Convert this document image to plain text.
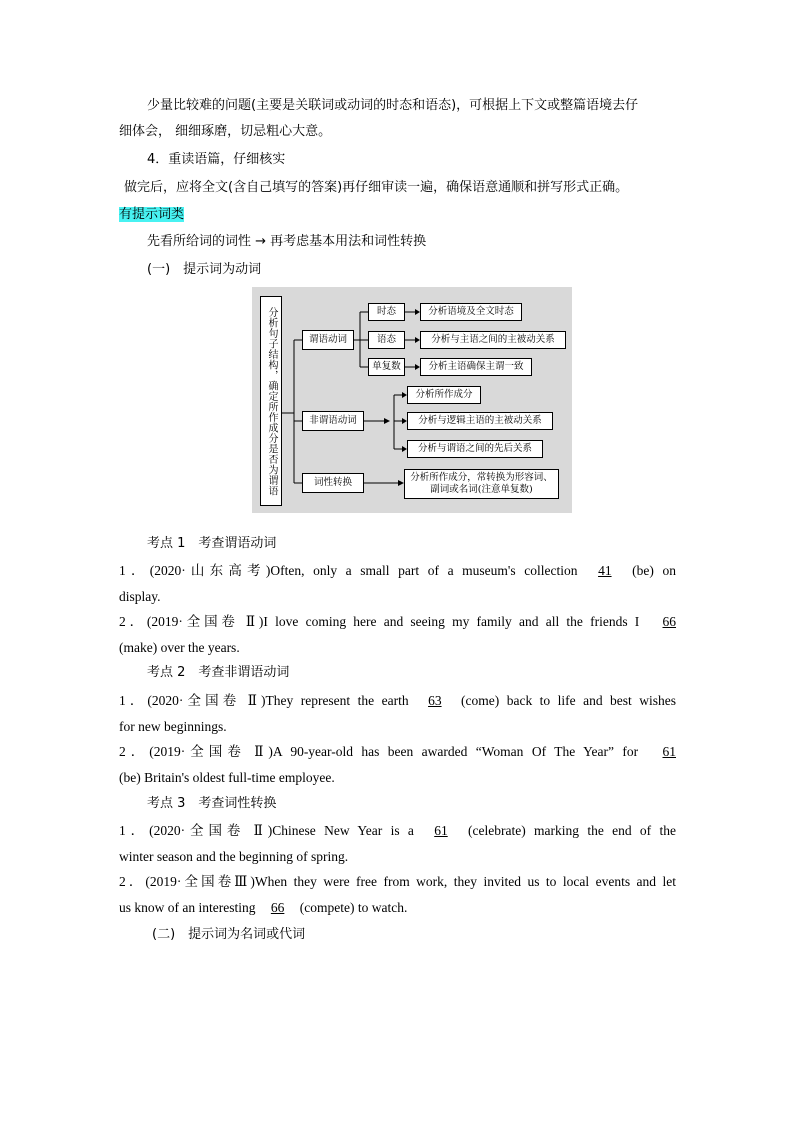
少量比较难的问题(主要是关联词或动词的时态和语态)，可根据上下文或整篇语境去仔
细体会， 细细琢磨，切忌粗心大意。
4．重读语篇，仔细核实
做完后，应将全文(含自己填写的答案)再仔细审读一遍，确保语意通顺和拼写形式正确。
有提示词类
先看所给词的词性 → 再考虑基本用法和词性转换
(一)　提示词为动词
分析句子结构，确定所作成分是否为谓语	谓语动词
非谓语动词
词性转换
时态
语态
单复数
分析语境及全文时态
分析与主语之间的主被动关系
分析主语确保主谓一致
分析所作成分
分析与逻辑主语的主被动关系
分析与谓语之间的先后关系
分析所作成分，常转换为形容词、副词或名词(注意单复数)
考点 1　考查谓语动词
1．(2020·山东高考)Often, only a small part of a museum's collection 41 (be) on
display.
2．(2019·全国卷 Ⅱ)I love coming here and seeing my family and all the friends I 66
(make) over the years.
考点 2　考查非谓语动词
1．(2020·全国卷 Ⅱ)They represent the earth 63 (come) back to life and best wishes
for new beginnings.
2．(2019·全国卷 Ⅱ)A 90-year-old has been awarded “Woman Of The Year” for 61
(be) Britain's oldest full-time employee.
考点 3　考查词性转换
1．(2020·全国卷 Ⅱ)Chinese New Year is a 61 (celebrate) marking the end of the
winter season and the beginning of spring.
2．(2019·全国卷Ⅲ)When they were free from work, they invited us to local events and let
us know of an interesting 66 (compete) to watch.
(二)　提示词为名词或代词
